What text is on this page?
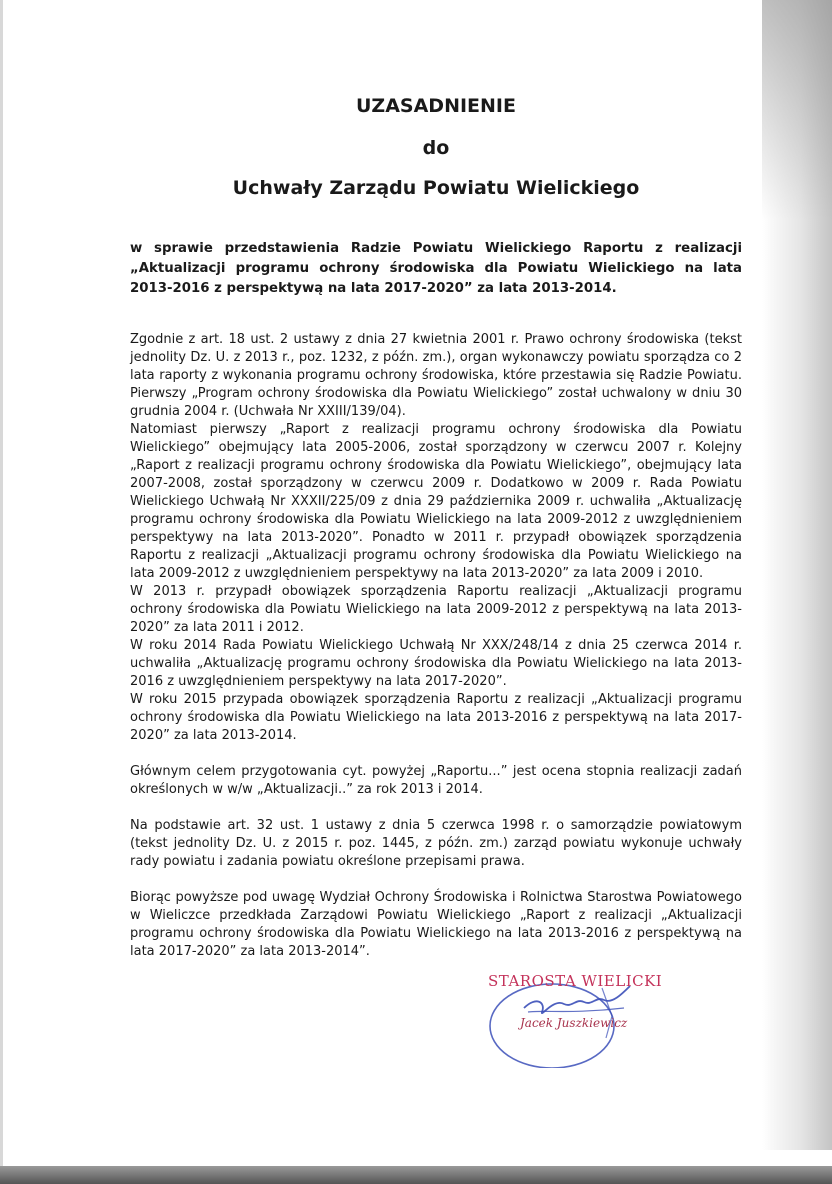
UZASADNIENIE
do
Uchwały Zarządu Powiatu Wielickiego
w sprawie przedstawienia Radzie Powiatu Wielickiego Raportu z realizacji „Aktualizacji programu ochrony środowiska dla Powiatu Wielickiego na lata 2013-2016 z perspektywą na lata 2017-2020” za lata 2013-2014.

Zgodnie z art. 18 ust. 2 ustawy z dnia 27 kwietnia 2001 r. Prawo ochrony środowiska (tekst jednolity Dz. U. z 2013 r., poz. 1232, z późn. zm.), organ wykonawczy powiatu sporządza co 2 lata raporty z wykonania programu ochrony środowiska, które przestawia się Radzie Powiatu. Pierwszy „Program ochrony środowiska dla Powiatu Wielickiego” został uchwalony w dniu 30 grudnia 2004 r. (Uchwała Nr XXIII/139/04).

Natomiast pierwszy „Raport z realizacji programu ochrony środowiska dla Powiatu Wielickiego” obejmujący lata 2005-2006, został sporządzony w czerwcu 2007 r. Kolejny „Raport z realizacji programu ochrony środowiska dla Powiatu Wielickiego”, obejmujący lata 2007-2008, został sporządzony w czerwcu 2009 r. Dodatkowo w 2009 r. Rada Powiatu Wielickiego Uchwałą Nr XXXII/225/09 z dnia 29 października 2009 r. uchwaliła „Aktualizację programu ochrony środowiska dla Powiatu Wielickiego na lata 2009-2012 z uwzględnieniem perspektywy na lata 2013-2020”. Ponadto w 2011 r. przypadł obowiązek sporządzenia Raportu z realizacji „Aktualizacji programu ochrony środowiska dla Powiatu Wielickiego na lata 2009-2012 z uwzględnieniem perspektywy na lata 2013-2020” za lata 2009 i 2010.

W 2013 r. przypadł obowiązek sporządzenia Raportu realizacji „Aktualizacji programu ochrony środowiska dla Powiatu Wielickiego na lata 2009-2012 z perspektywą na lata 2013-2020” za lata 2011 i 2012.

W roku 2014 Rada Powiatu Wielickiego Uchwałą Nr XXX/248/14 z dnia 25 czerwca 2014 r. uchwaliła „Aktualizację programu ochrony środowiska dla Powiatu Wielickiego na lata 2013-2016 z uwzględnieniem perspektywy na lata 2017-2020”.

W roku 2015 przypada obowiązek sporządzenia Raportu z realizacji „Aktualizacji programu ochrony środowiska dla Powiatu Wielickiego na lata 2013-2016 z perspektywą na lata 2017-2020” za lata 2013-2014.

Głównym celem przygotowania cyt. powyżej „Raportu...” jest ocena stopnia realizacji zadań określonych w w/w „Aktualizacji..” za rok 2013 i 2014.

Na podstawie art. 32 ust. 1 ustawy z dnia 5 czerwca 1998 r. o samorządzie powiatowym (tekst jednolity Dz. U. z 2015 r. poz. 1445, z późn. zm.) zarząd powiatu wykonuje uchwały rady powiatu i zadania powiatu określone przepisami prawa.

Biorąc powyższe pod uwagę Wydział Ochrony Środowiska i Rolnictwa Starostwa Powiatowego w Wieliczce przedkłada Zarządowi Powiatu Wielickiego „Raport z realizacji „Aktualizacji programu ochrony środowiska dla Powiatu Wielickiego na lata 2013-2016 z perspektywą na lata 2017-2020” za lata 2013-2014”.

STAROSTA WIELICKI
Jacek Juszkiewicz
